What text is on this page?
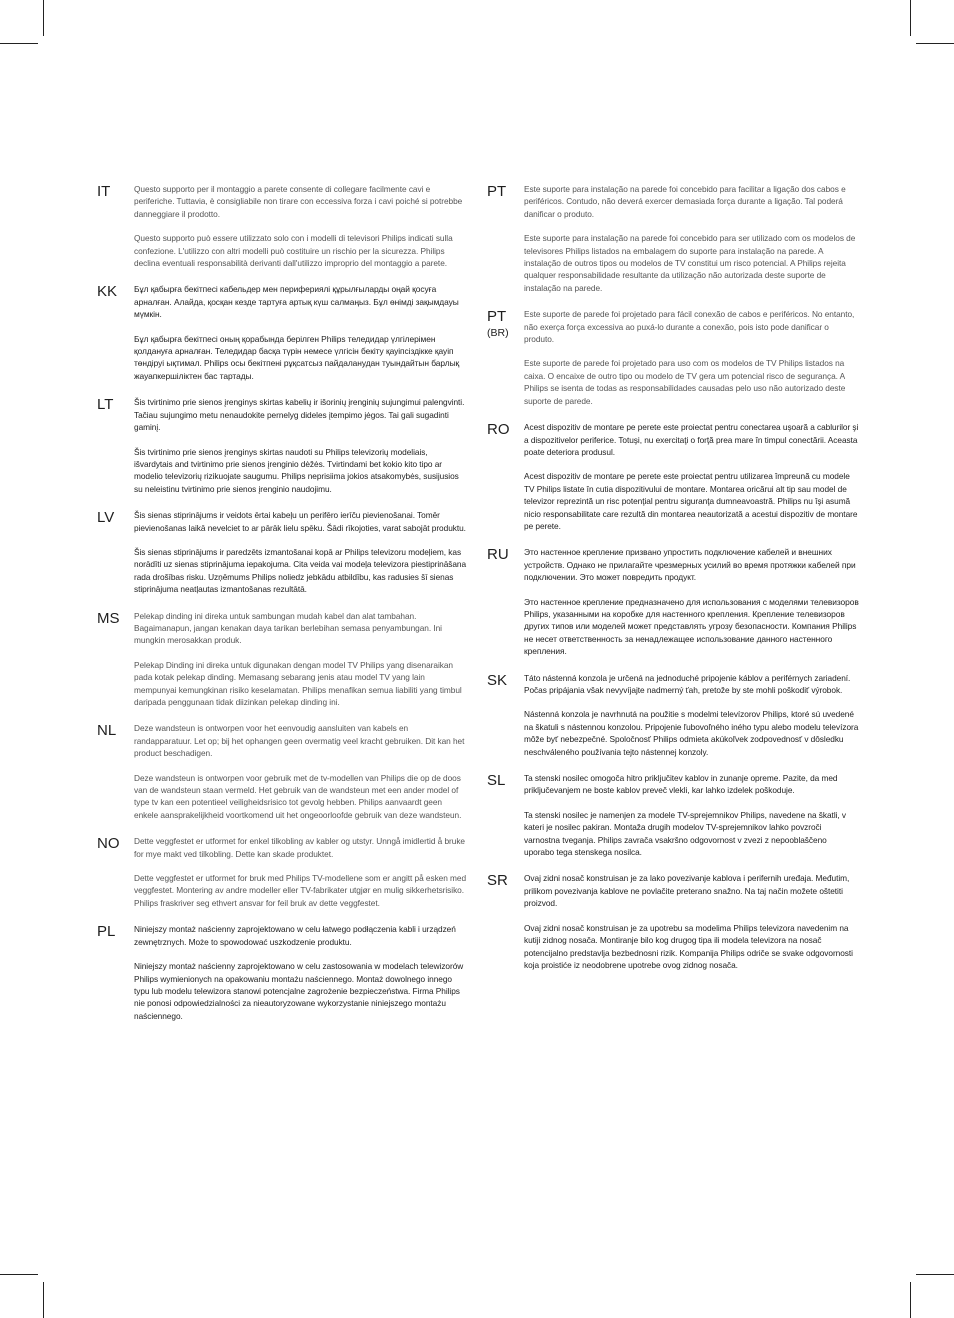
IT	Questo supporto per il montaggio a parete consente di collegare facilmente cavi e periferiche. Tuttavia, è consigliabile non tirare con eccessiva forza i cavi poiché si potrebbe danneggiare il prodotto.

Questo supporto può essere utilizzato solo con i modelli di televisori Philips indicati sulla confezione. L'utilizzo con altri modelli può costituire un rischio per la sicurezza. Philips declina eventuali responsabilità derivanti dall'utilizzo improprio del montaggio a parete.

KK	Бұл қабырға бекітпесі кабельдер мен перифериялі құрылғыларды оңай қосуға арналған. Алайда, қосқан кезде тартуға артық күш салмаңыз. Бұл өнімді зақымдауы мүмкін.

Бұл қабырға бекітпесі оның қорабында берілген Philips теледидар үлгілерімен қолдануға арналған. Теледидар басқа түрін немесе үлгісін бекіту қауіпсіздікке қауіп төндіруі ықтимал. Philips осы бекітпені рұқсатсыз пайдаланудан туындайтын барлық жауапкершіліктен бас тартады.

LT	Šis tvirtinimo prie sienos įrenginys skirtas kabelių ir išorinių įrenginių sujungimui palengvinti. Tačiau sujungimo metu nenaudokite pernelyg dideles įtempimo jėgos. Tai gali sugadinti gaminį.

Šis tvirtinimo prie sienos įrenginys skirtas naudoti su Philips televizorių modeliais, išvardytais and tvirtinimo prie sienos įrenginio dėžės. Tvirtindami bet kokio kito tipo ar modelio televizorių rizikuojate saugumu. Philips neprisiima jokios atsakomybės, susijusios su neleistinu tvirtinimo prie sienos įrenginio naudojimu.

LV	Šis sienas stiprinājums ir veidots ērtai kabeļu un perifēro ierīču pievienošanai. Tomēr pievienošanas laikā nevelciet to ar pārāk lielu spēku. Šādi rīkojoties, varat sabojāt produktu.

Šis sienas stiprinājums ir paredzēts izmantošanai kopā ar Philips televizoru modeļiem, kas norādīti uz sienas stiprinājuma iepakojuma. Cita veida vai modeļa televizora piestiprināšana rada drošības risku. Uzņēmums Philips noliedz jebkādu atbildību, kas radusies šī sienas stiprinājuma neatļautas izmantošanas rezultātā.

MS	Pelekap dinding ini direka untuk sambungan mudah kabel dan alat tambahan. Bagaimanapun, jangan kenakan daya tarikan berlebihan semasa penyambungan. Ini mungkin merosakkan produk.

Pelekap Dinding ini direka untuk digunakan dengan model TV Philips yang disenaraikan pada kotak pelekap dinding. Memasang sebarang jenis atau model TV yang lain mempunyai kemungkinan risiko keselamatan. Philips menafikan semua liabiliti yang timbul daripada penggunaan tidak diizinkan pelekap dinding ini.

NL	Deze wandsteun is ontworpen voor het eenvoudig aansluiten van kabels en randapparatuur. Let op; bij het ophangen geen overmatig veel kracht gebruiken. Dit kan het product beschadigen.

Deze wandsteun is ontworpen voor gebruik met de tv-modellen van Philips die op de doos van de wandsteun staan vermeld. Het gebruik van de wandsteun met een ander model of type tv kan een potentieel veiligheidsrisico tot gevolg hebben. Philips aanvaardt geen enkele aansprakelijkheid voortkomend uit het ongeoorloofde gebruik van deze wandsteun.

NO	Dette veggfestet er utformet for enkel tilkobling av kabler og utstyr. Unngå imidlertid å bruke for mye makt ved tilkobling. Dette kan skade produktet.

Dette veggfestet er utformet for bruk med Philips TV-modellene som er angitt på esken med veggfestet. Montering av andre modeller eller TV-fabrikater utgjør en mulig sikkerhetsrisiko. Philips fraskriver seg ethvert ansvar for feil bruk av dette veggfestet.

PL	Niniejszy montaż naścienny zaprojektowano w celu łatwego podłączenia kabli i urządzeń zewnętrznych. Może to spowodować uszkodzenie produktu.

Niniejszy montaż naścienny zaprojektowano w celu zastosowania w modelach telewizorów Philips wymienionych na opakowaniu montażu naściennego. Montaż dowolnego innego typu lub modelu telewizora stanowi potencjalne zagrożenie bezpieczeństwa. Firma Philips nie ponosi odpowiedzialności za nieautoryzowane wykorzystanie niniejszego montażu naściennego.

PT	Este suporte para instalação na parede foi concebido para facilitar a ligação dos cabos e periféricos. Contudo, não deverá exercer demasiada força durante a ligação. Tal poderá danificar o produto.

Este suporte para instalação na parede foi concebido para ser utilizado com os modelos de televisores Philips listados na embalagem do suporte para instalação na parede. A instalação de outros tipos ou modelos de TV constitui um risco potencial. A Philips rejeita qualquer responsabilidade resultante da utilização não autorizada deste suporte de instalação na parede.

PT
(BR)

Este suporte de parede foi projetado para fácil conexão de cabos e periféricos. No entanto, não exerça força excessiva ao puxá-lo durante a conexão, pois isto pode danificar o produto.

Este suporte de parede foi projetado para uso com os modelos de TV Philips listados na caixa. O encaixe de outro tipo ou modelo de TV gera um potencial risco de segurança. A Philips se isenta de todas as responsabilidades causadas pelo uso não autorizado deste suporte de parede.

RO	Acest dispozitiv de montare pe perete este proiectat pentru conectarea uşoară a cablurilor şi a dispozitivelor periferice. Totuşi, nu exercitaţi o forţă prea mare în timpul conectării. Aceasta poate deteriora produsul.

Acest dispozitiv de montare pe perete este proiectat pentru utilizarea împreună cu modele TV Philips listate în cutia dispozitivului de montare. Montarea oricărui alt tip sau model de televizor reprezintă un risc potenţial pentru siguranţa dumneavoastră. Philips nu îşi asumă nicio responsabilitate care rezultă din montarea neautorizată a acestui dispozitiv de montare pe perete.

RU	Это настенное крепление призвано упростить подключение кабелей и внешних устройств. Однако не прилагайте чрезмерных усилий во время протяжки кабелей при подключении. Это может повредить продукт.

Это настенное крепление предназначено для использования с моделями телевизоров Philips, указанными на коробке для настенного крепления. Крепление телевизоров других типов или моделей может представлять угрозу безопасности. Компания Philips не несет ответственность за ненадлежащее использование данного настенного крепления.

SK	Táto nástenná konzola je určená na jednoduché pripojenie káblov a periférnych zariadení. Počas pripájania však nevyvíjajte nadmerný ťah, pretože by ste mohli poškodiť výrobok.

Nástenná konzola je navrhnutá na použitie s modelmi televízorov Philips, ktoré sú uvedené na škatuli s nástennou konzolou. Pripojenie ľubovoľného iného typu alebo modelu televízora môže byť nebezpečné. Spoločnosť Philips odmieta akúkoľvek zodpovednosť v dôsledku neschváleného používania tejto nástennej konzoly.

SL	Ta stenski nosilec omogoča hitro priključitev kablov in zunanje opreme. Pazite, da med priključevanjem ne boste kablov preveč vlekli, kar lahko izdelek poškoduje.

Ta stenski nosilec je namenjen za modele TV-sprejemnikov Philips, navedene na škatli, v kateri je nosilec pakiran. Montaža drugih modelov TV-sprejemnikov lahko povzroči varnostna tveganja. Philips zavrača vsakršno odgovornost v zvezi z nepooblaščeno uporabo tega stenskega nosilca.

SR	Ovaj zidni nosač konstruisan je za lako povezivanje kablova i perifernih uređaja. Međutim, prilikom povezivanja kablove ne povlačite preterano snažno. Na taj način možete oštetiti proizvod.

Ovaj zidni nosač konstruisan je za upotrebu sa modelima Philips televizora navedenim na kutiji zidnog nosača. Montiranje bilo kog drugog tipa ili modela televizora na nosač potencijalno predstavlja bezbednosni rizik. Kompanija Philips odriče se svake odgovornosti koja proistiće iz neodobrene upotrebe ovog zidnog nosača.
